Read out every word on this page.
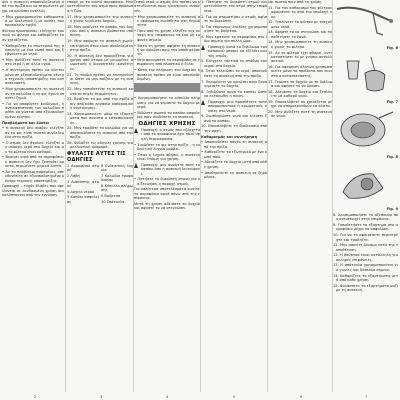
ουν η συσκευή αποσυνδεδεμένη από την πρίζα και να περιμένετε μέχρι να κρυώσει εντελώς.

• Μην χρησιμοποιείτε καθαριστικά με διαλυτικά ή με ουσίες που προκαλούν τριβή.

Φίλτρο προστασίας: ελέγχετε τακτικά το φίλτρο και καθαρίζετε το αν χρειάζεται.

• Καθαρίζετε το εσωτερικό της συσκευής με ένα νωπό πανί και ξεβγάλετε με νερό.

• Μην βυθίζετε ποτέ τη συσκευή στο νερό ή σε άλλα υγρά.

• Η συντήρηση πρέπει να γίνεται μόνο σε εξουσιοδοτημένο κέντρο τεχνικής υποστήριξης του κατασκευαστή.

• Μην χρησιμοποιείτε τη συσκευή αν το καλώδιο ή το φις έχουν υποστεί ζημιά.

• Για να αποφύγετε κινδύνους, η αντικατάσταση του καλωδίου πρέπει να γίνεται από εξουσιοδοτημένο κέντρο.

Προβλήματα και λύσεις

• Η συσκευή δεν ανάβει: ελέγξτε αν το φις είναι σωστά συνδεδεμένο στην πρίζα.

• Ο ατμός δεν βγαίνει: ελέγξτε αν υπάρχει νερό στο δοχείο και αν το φίλτρο είναι καθαρό.

• Βγαίνει νερό από το ακροφύσιο: η συσκευή δεν έχει ζεσταθεί αρκετά, περιμένετε μερικά λεπτά.

• Αν το πρόβλημα παραμένει, απευθυνθείτε σε εξουσιοδοτημένο κέντρο τεχνικής υποστήριξης.

Προσοχή! – τυχόν βλάβες που οφείλονται σε λανθασμένη χρήση δεν καλύπτονται από την εγγύηση.

επαφή με το καυτό ακροφύσιο. Μην κατευθύνετε τον ατμό προς πρόσωπα ή ζώα.

17. Μην χρησιμοποιείτε την συσκευή χωρίς νερό στο δοχείο.

18. Μην ανοίγετε το καπάκι του δοχείου όσο η συσκευή βρίσκεται υπό πίεση.

19. Μην αφήνετε τη συσκευή χωρίς επιτήρηση όταν είναι συνδεδεμένη στην πρίζα.

20. Η συσκευή δεν προορίζεται για χρήση από άτομα με μειωμένες σωματικές ή διανοητικές ικανότητες.

21. Τα παιδιά πρέπει να επιτηρούνται ώστε να μην παίζουν με τη συσκευή.

22. Μην τοποθετείτε τη συσκευή κοντά σε πηγές θερμότητας.

23. Βγάζετε το φις από την πρίζα πριν από κάθε εργασία καθαρισμού ή συντήρησης.

24. Χρησιμοποιείτε μόνο τα εξαρτήματα που συνιστά ο κατασκευαστής.

25. Μην τραβάτε το καλώδιο για να αποσυνδέσετε τη συσκευή από την πρίζα.

26. Φυλάξτε τις οδηγίες χρήσης για μελλοντική αναφορά.

ΦΥΛΑΞΤΕ ΑΥΤΕΣ ΤΙΣ ΟΔΗΓΙΕΣ

1 Ακροφύσιο ατμού

2 Λαβή

3 Διακόπτης ατμού

4 Δοχείο νερού

5 Καπάκι ασφαλείας

6 Ενδεικτική λυχνία

7 Καλώδιο τροφοδοσίας

8 Κύπελλο πλήρωσης

9 Βούρτσα

10 Σπάτουλα

ζεστό νερό, ο ατμός δεν πρέπει να κατευθύνεται προς ηλεκτρικές συσκευές.

• Μην χρησιμοποιείτε τη συσκευή σε υφάσματα ευαίσθητα στη θερμότητα.

• Πριν από τη χρήση ελέγξτε την αντοχή της επιφάνειας σε ένα μη εμφανές σημείο.

• Μετά τη χρήση αφήστε τη συσκευή να κρυώσει πριν την αποθηκεύσετε.

• Μην ακουμπάτε το ακροφύσιο σε επιφάνειες από πλαστικό ή ξύλο.

• Κατά την πλήρωση του δοχείου η συσκευή πρέπει να είναι αποσυνδεδεμένη.

• Χρησιμοποιήστε το κύπελλο πλήρωσης για να γεμίσετε το δοχείο με νερό.

• Βιδώστε σωστά το καπάκι ασφαλείας πριν συνδέσετε τη συσκευή.

ΟΔΗΓΙΕΣ ΧΡΗΣΗΣ

Προσοχή: ο ατμός που εξέρχεται από το ακροφύσιο έχει πολύ υψηλή θερμοκρασία.

• Συνδέστε το φις στην πρίζα – η ενδεικτική λυχνία ανάβει.

• Όταν η λυχνία σβήσει, η συσκευή είναι έτοιμη για χρήση.

Προσοχή: μην ανοίγετε ποτέ το καπάκι όσο η συσκευή λειτουργεί.

• Πατήστε το διακόπτη ατμού για να ξεκινήσει η παροχή ατμού.

Για καλύτερα αποτελέσματα κινείτε το ακροφύσιο αργά πάνω από την επιφάνεια.

Μετά τη χρήση αδειάστε το δοχείο και αφήστε το να στεγνώσει.

1. Πατήστε το διακόπτη ατμού και κατευθύνετε τον ατμό στην επιφάνεια.

2. Για να σταματήσει ο ατμός αφήστε το διακόπτη.

3. Για επίμονους λεκέδες χρησιμοποιήστε τη βούρτσα.

4. Μην κρατάτε το ακροφύσιο στο ίδιο σημείο για πολλή ώρα.

Προσοχή: κατά το ξεβίδωμα του καπακιού μπορεί να εξέλθει καυτός ατμός.

5. Ελέγχετε τακτικά τη στάθμη του νερού στο δοχείο.

6. Όταν τελειώσει το νερό, αποσυνδέστε τη συσκευή από την πρίζα.

7. Περιμένετε να κρυώσει πριν ξαναγεμίσετε το δοχείο.

8. Ξεβιδώστε αργά το καπάκι ώστε να εκτονωθεί η πίεση.

Προσοχή: μην προσθέτετε ποτέ απορρυπαντικά ή αρωματικές ουσίες στο νερό.

9. Συμπληρώστε νερό και κλείστε ξανά το καπάκι.

10. Επαναλάβετε τη διαδικασία από την αρχή.

Καθαρισμός και συντήρηση

• Αποσυνδέστε πάντα τη συσκευή από την πρίζα.

• Καθαρίζετε το εξωτερικό με ένα νωπό πανί.

• Αδειάζετε το δοχείο μετά από κάθε χρήση.

• Αποθηκεύετε τη συσκευή σε ξηρό μέρος.

ναι σωστά πριν από τη χρήση.

11. Για τον καθαρισμό του φίλτρου αφαιρέστε το από την υποδοχή του.

12. Ξεπλύνετε το φίλτρο με τρεχούμενο νερό.

13. Αφήστε το να στεγνώσει και τοποθετήστε το ξανά.

14. Μην χρησιμοποιείτε τη συσκευή χωρίς το φίλτρο.

15. Αν το φίλτρο έχει φθαρεί, αντικαταστήστε το με γνήσιο ανταλλακτικό.

16. Για αφαίρεση αλάτων χρησιμοποιείτε μόνο τα προϊόντα που συνιστά ο κατασκευαστής.

17. Γεμίστε το δοχείο με το διάλυμα και αφήστε το να δράσει.

18. Αδειάστε το δοχείο και ξεπλύνετε με καθαρό νερό.

19. Επαναλάβετε αν χρειάζεται μέχρι να απομακρυνθούν τα άλατα.

20. Μην βυθίζετε ποτέ τη συσκευή σε νερό.

Fig. 6

Fig. 7

Fig. 8

Fig. 9

8. Χρησιμοποιήστε το αξεσουάρ που αντιστοιχεί στην επιφάνεια.

9. Τοποθετήστε το εξάρτημα στο ακροφύσιο μέχρι να ασφαλίσει.

10. Για να το αφαιρέσετε περιστρέψτε και τραβήξτε.

11. Μην ασκείτε δύναμη κατά την τοποθέτηση.

12. Η βούρτσα είναι κατάλληλη για σκληρές επιφάνειες.

13. Η σπάτουλα χρησιμοποιείται για γωνίες και δύσκολα σημεία.

14. Καθαρίζετε τα εξαρτήματα μετά από κάθε χρήση.

15. Φυλάσσετε τα εξαρτήματα μαζί με τη συσκευή.

2	3	4	5	6	7
